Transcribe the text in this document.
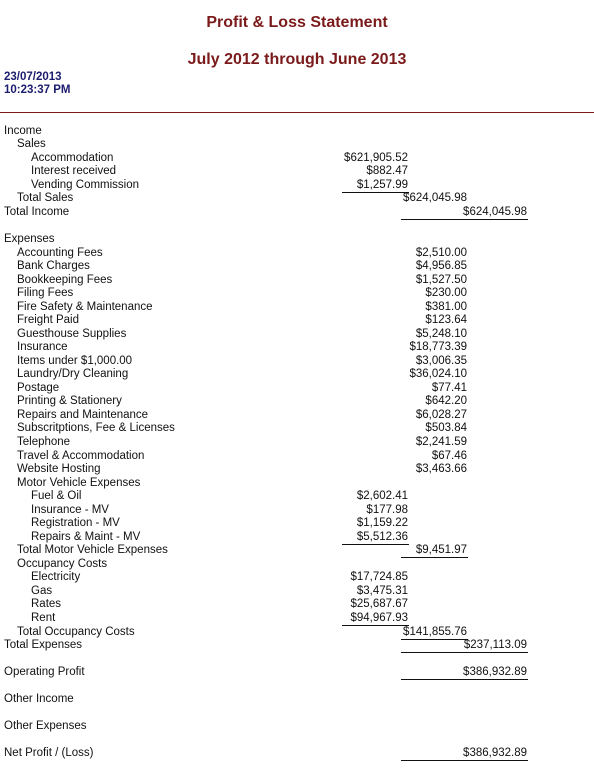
Profit & Loss Statement
July 2012 through June 2013
23/07/2013
10:23:37 PM
Income
Sales
Accommodation	$621,905.52
Interest received	$882.47
Vending Commission	$1,257.99
Total Sales	$624,045.98
Total Income	$624,045.98
Expenses
Accounting Fees	$2,510.00
Bank Charges	$4,956.85
Bookkeeping Fees	$1,527.50
Filing Fees	$230.00
Fire Safety & Maintenance	$381.00
Freight Paid	$123.64
Guesthouse Supplies	$5,248.10
Insurance	$18,773.39
Items under $1,000.00	$3,006.35
Laundry/Dry Cleaning	$36,024.10
Postage	$77.41
Printing & Stationery	$642.20
Repairs and Maintenance	$6,028.27
Subscritptions, Fee & Licenses	$503.84
Telephone	$2,241.59
Travel & Accommodation	$67.46
Website Hosting	$3,463.66
Motor Vehicle Expenses
Fuel & Oil	$2,602.41
Insurance - MV	$177.98
Registration - MV	$1,159.22
Repairs & Maint - MV	$5,512.36
Total Motor Vehicle Expenses	$9,451.97
Occupancy Costs
Electricity	$17,724.85
Gas	$3,475.31
Rates	$25,687.67
Rent	$94,967.93
Total Occupancy Costs	$141,855.76
Total Expenses	$237,113.09
Operating Profit	$386,932.89
Other Income
Other Expenses
Net Profit / (Loss)	$386,932.89
